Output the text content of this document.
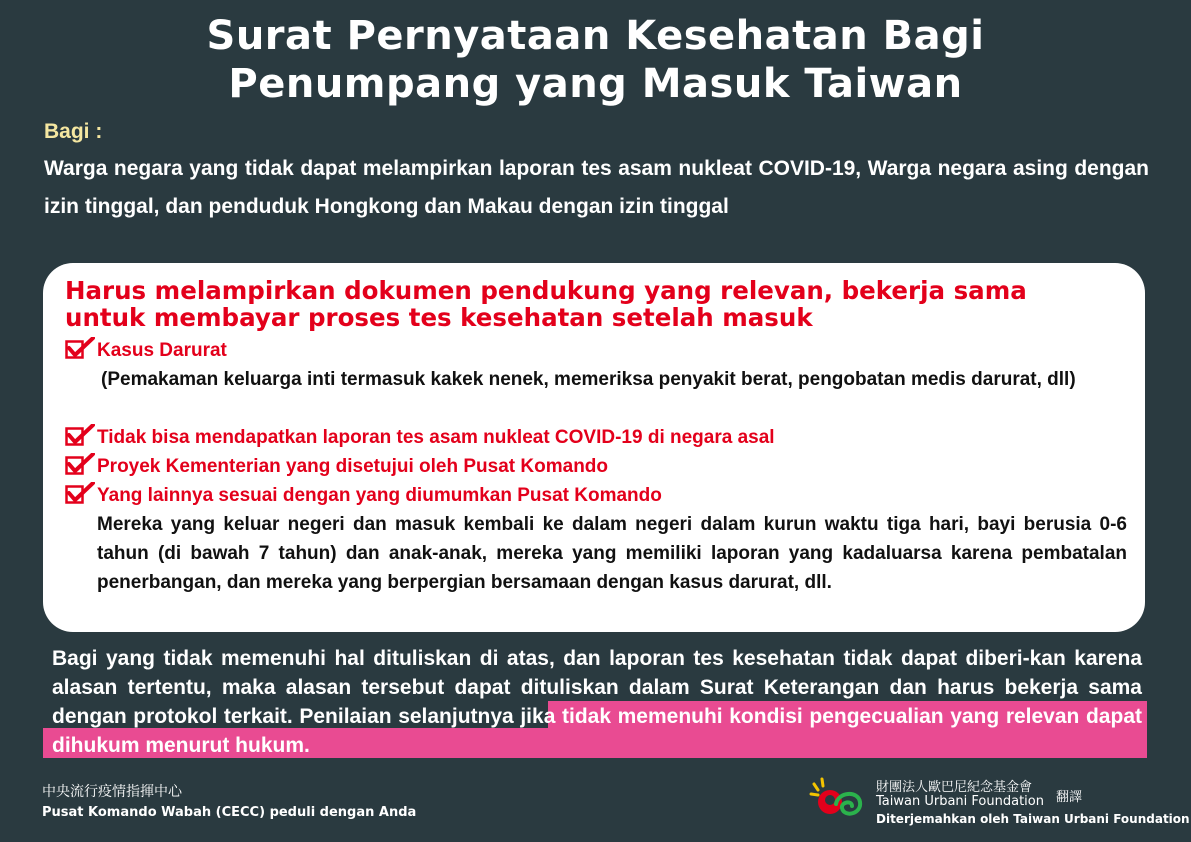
Surat Pernyataan Kesehatan Bagi
Penumpang yang Masuk Taiwan
Bagi :
Warga negara yang tidak dapat melampirkan laporan tes asam nukleat COVID-19, Warga negara asing dengan izin tinggal, dan penduduk Hongkong dan Makau dengan izin tinggal
Harus melampirkan dokumen pendukung yang relevan, bekerja sama
untuk membayar proses tes kesehatan setelah masuk
Kasus Darurat
(Pemakaman keluarga inti termasuk kakek nenek, memeriksa penyakit berat, pengobatan medis darurat, dll)
Tidak bisa mendapatkan laporan tes asam nukleat COVID-19 di negara asal
Proyek Kementerian yang disetujui oleh Pusat Komando
Yang lainnya sesuai dengan yang diumumkan Pusat Komando
Mereka yang keluar negeri dan masuk kembali ke dalam negeri dalam kurun waktu tiga hari, bayi berusia 0-6 tahun (di bawah 7 tahun) dan anak-anak, mereka yang memiliki laporan yang kadaluarsa karena pembatalan penerbangan, dan mereka yang berpergian bersamaan dengan kasus darurat, dll.
Bagi yang tidak memenuhi hal dituliskan di atas, dan laporan tes kesehatan tidak dapat diberi-kan karena alasan tertentu, maka alasan tersebut dapat dituliskan dalam Surat Keterangan dan harus bekerja sama dengan protokol terkait. Penilaian selanjutnya jika tidak memenuhi kondisi pengecualian yang relevan dapat dihukum menurut hukum.
中央流行疫情指揮中心
Pusat Komando Wabah (CECC) peduli dengan Anda
財團法人歐巴尼紀念基金會
Taiwan Urbani Foundation 翻譯
Diterjemahkan oleh Taiwan Urbani Foundation
